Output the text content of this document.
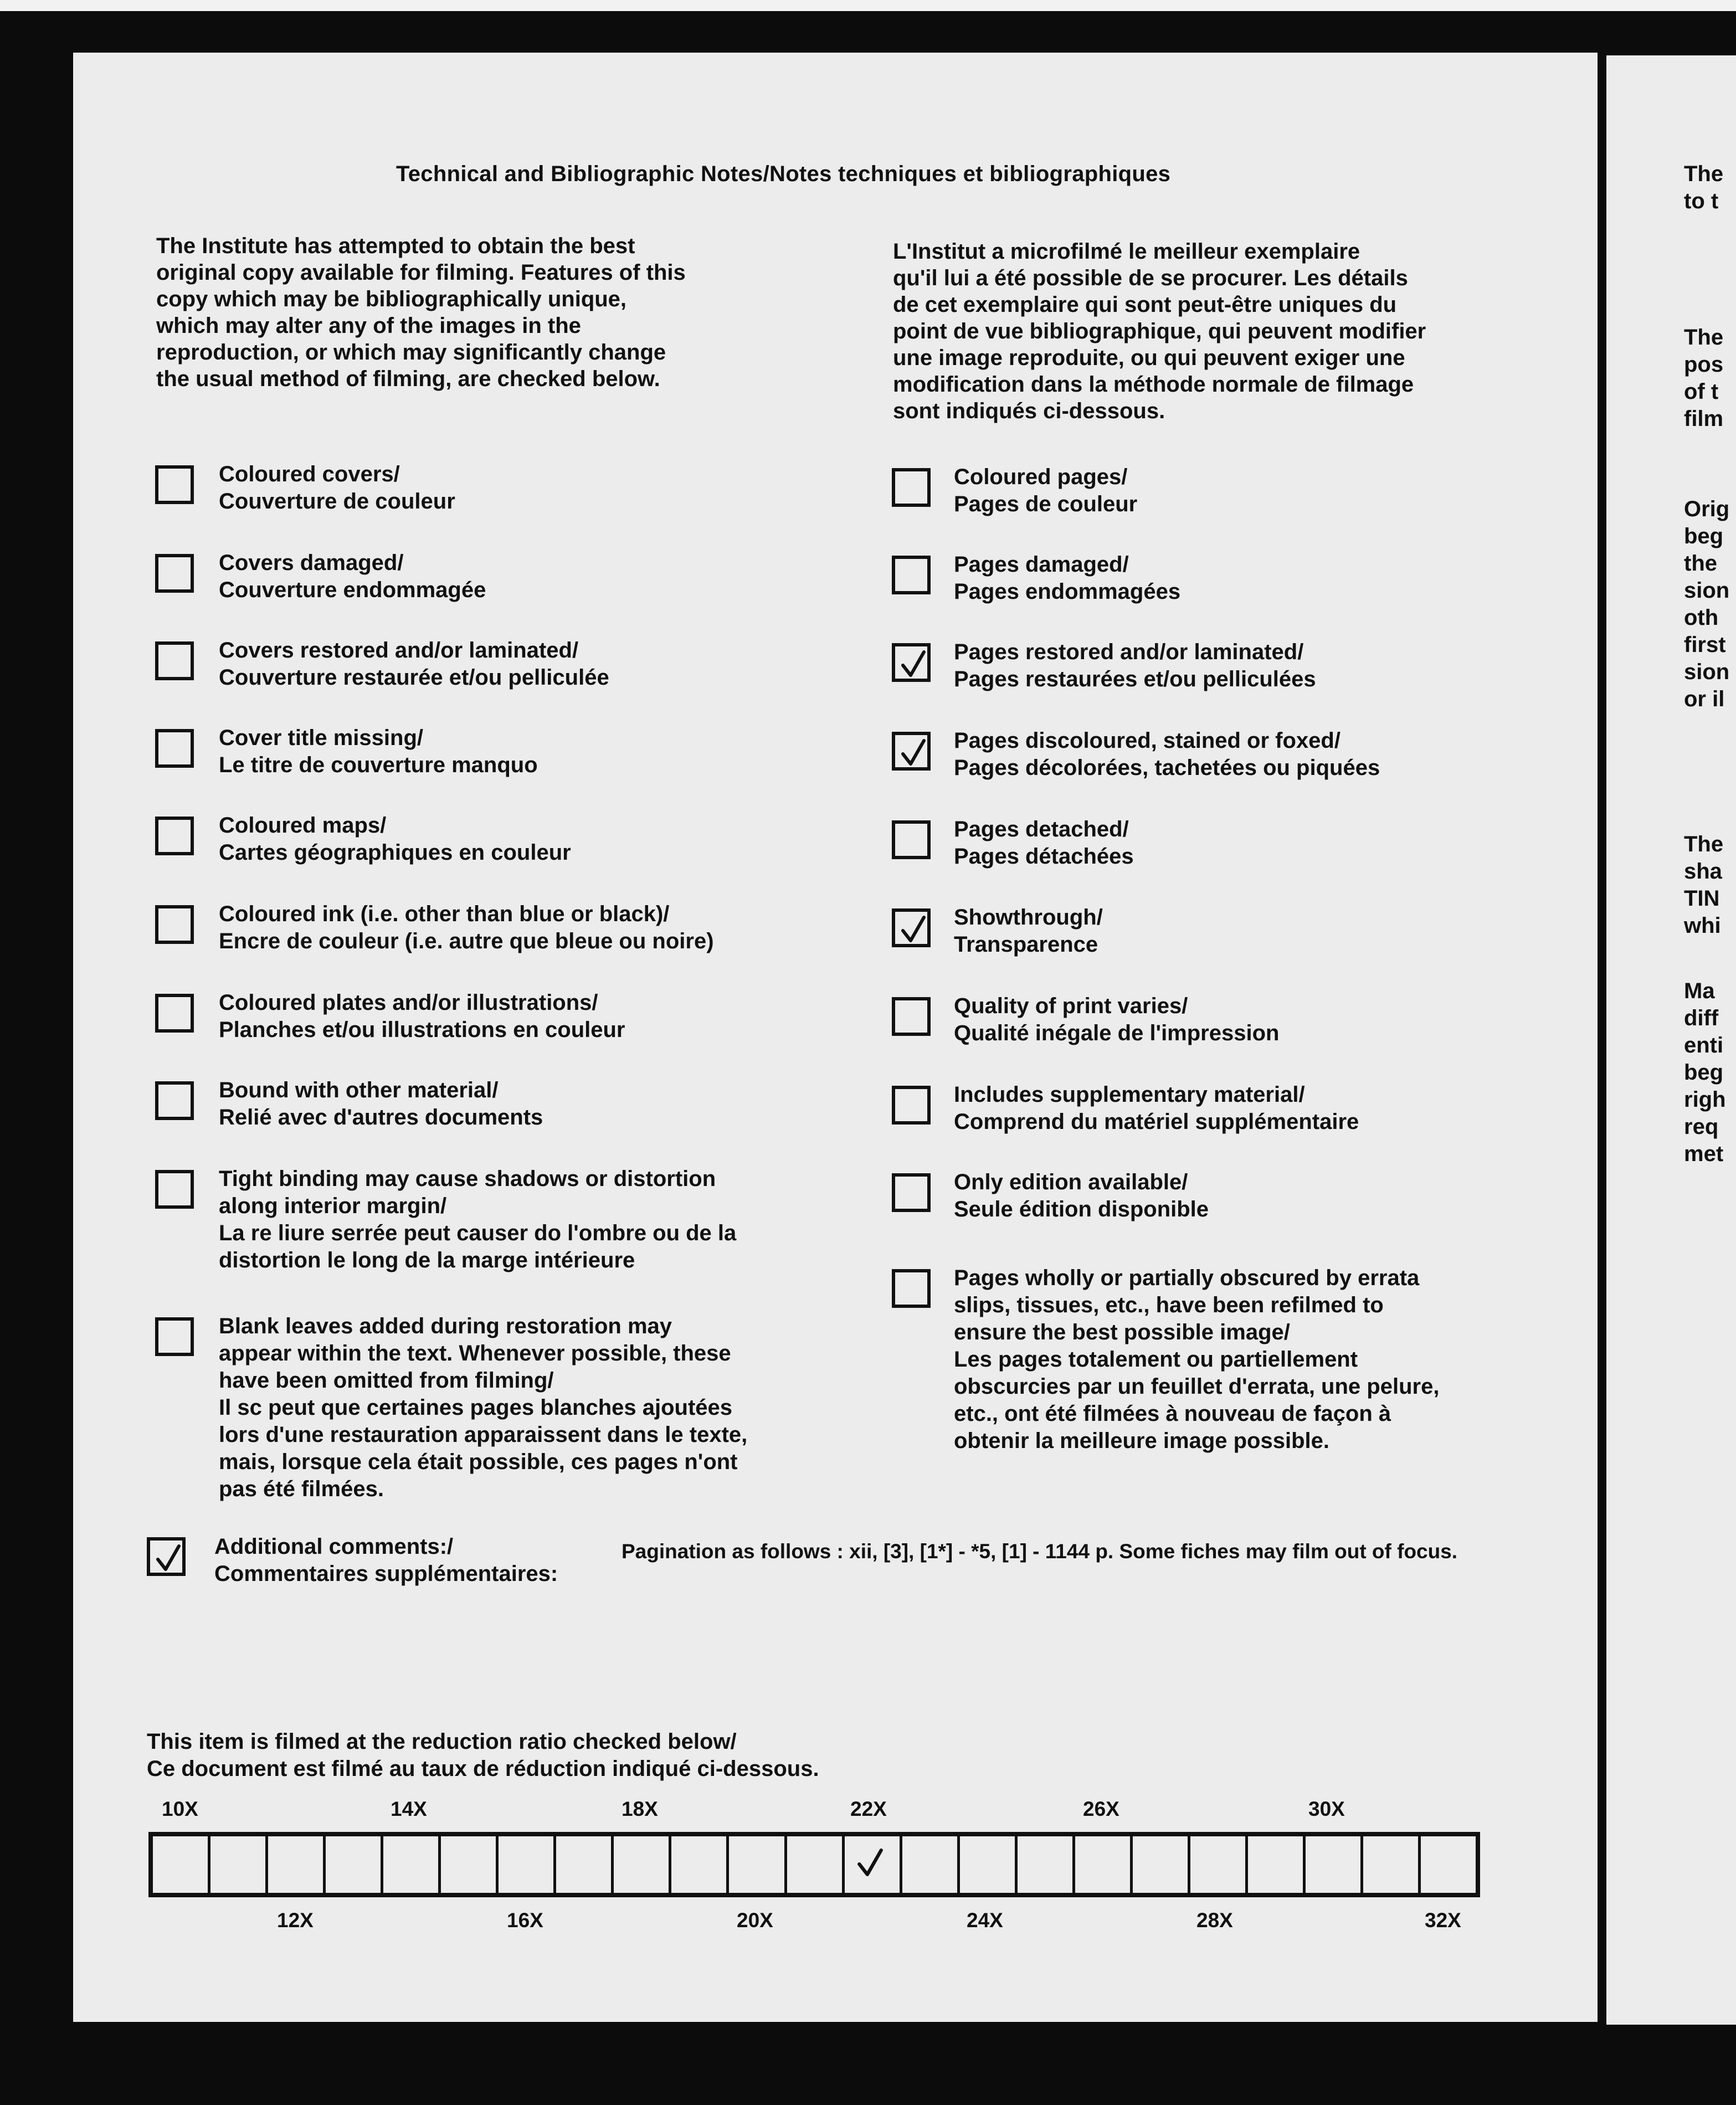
The
to t
The
pos
of t
film
Orig
beg
the
sion
oth
first
sion
or il
The
sha
TIN
whi
Ma
diff
enti
beg
righ
req
met
Technical and Bibliographic Notes/Notes techniques et bibliographiques
The Institute has attempted to obtain the best
original copy available for filming. Features of this
copy which may be bibliographically unique,
which may alter any of the images in the
reproduction, or which may significantly change
the usual method of filming, are checked below.
L'Institut a microfilmé le meilleur exemplaire
qu'il lui a été possible de se procurer. Les détails
de cet exemplaire qui sont peut-être uniques du
point de vue bibliographique, qui peuvent modifier
une image reproduite, ou qui peuvent exiger une
modification dans la méthode normale de filmage
sont indiqués ci-dessous.
Additional comments:/
Commentaires supplémentaires:
Pagination as follows : xii, [3], [1*] - *5, [1] - 1144 p. Some fiches may film out of focus.
This item is filmed at the reduction ratio checked below/
Ce document est filmé au taux de réduction indiqué ci-dessous.
10X	14X	18X	22X	26X	30X
12X	16X	20X	24X	28X	32X
Coloured covers/
Couverture de couleur
Covers damaged/
Couverture endommagée
Covers restored and/or laminated/
Couverture restaurée et/ou pelliculée
Cover title missing/
Le titre de couverture manquo
Coloured maps/
Cartes géographiques en couleur
Coloured ink (i.e. other than blue or black)/
Encre de couleur (i.e. autre que bleue ou noire)
Coloured plates and/or illustrations/
Planches et/ou illustrations en couleur
Bound with other material/
Relié avec d'autres documents
Tight binding may cause shadows or distortion
along interior margin/
La re liure serrée peut causer do l'ombre ou de la
distortion le long de la marge intérieure
Blank leaves added during restoration may
appear within the text. Whenever possible, these
have been omitted from filming/
Il sc peut que certaines pages blanches ajoutées
lors d'une restauration apparaissent dans le texte,
mais, lorsque cela était possible, ces pages n'ont
pas été filmées.
Coloured pages/
Pages de couleur
Pages damaged/
Pages endommagées
Pages restored and/or laminated/
Pages restaurées et/ou pelliculées
Pages discoloured, stained or foxed/
Pages décolorées, tachetées ou piquées
Pages detached/
Pages détachées
Showthrough/
Transparence
Quality of print varies/
Qualité inégale de l'impression
Includes supplementary material/
Comprend du matériel supplémentaire
Only edition available/
Seule édition disponible
Pages wholly or partially obscured by errata
slips, tissues, etc., have been refilmed to
ensure the best possible image/
Les pages totalement ou partiellement
obscurcies par un feuillet d'errata, une pelure,
etc., ont été filmées à nouveau de façon à
obtenir la meilleure image possible.
